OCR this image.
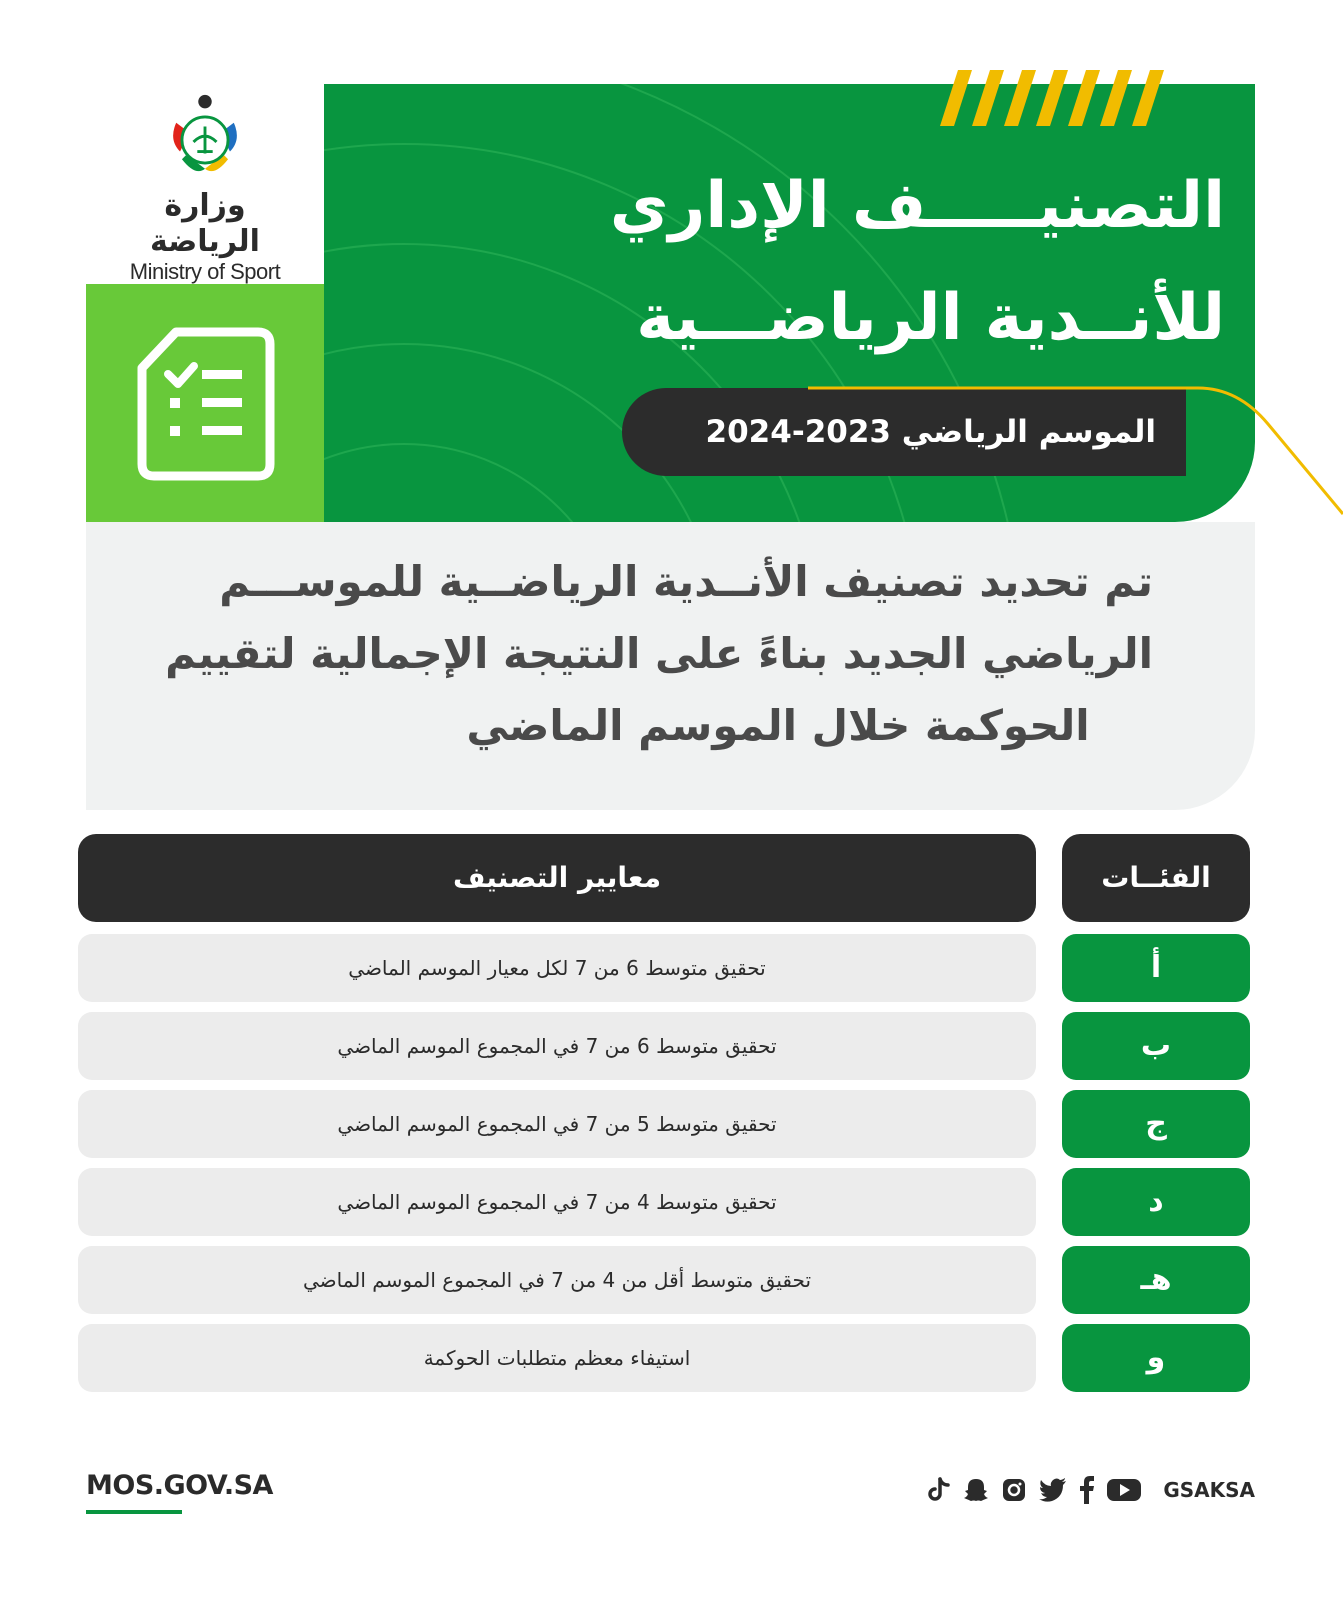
وزارة الرياضة
Ministry of Sport
التصنيـــــف الإداري
للأنــدية الرياضـــية
الموسم الرياضي 2023-2024
تم تحديد تصنيف الأنــدية الرياضــية للموســـم
الرياضي الجديد بناءً على النتيجة الإجمالية لتقييم
الحوكمة خلال الموسم الماضي
معايير التصنيف	الفئــات
تحقيق متوسط 6 من 7 لكل معيار الموسم الماضي	أ
تحقيق متوسط 6 من 7 في المجموع الموسم الماضي	ب
تحقيق متوسط 5 من 7 في المجموع الموسم الماضي	ج
تحقيق متوسط 4 من 7 في المجموع الموسم الماضي	د
تحقيق متوسط أقل من 4 من 7 في المجموع الموسم الماضي	هـ
استيفاء معظم متطلبات الحوكمة	و
MOS.GOV.SA	GSAKSA
